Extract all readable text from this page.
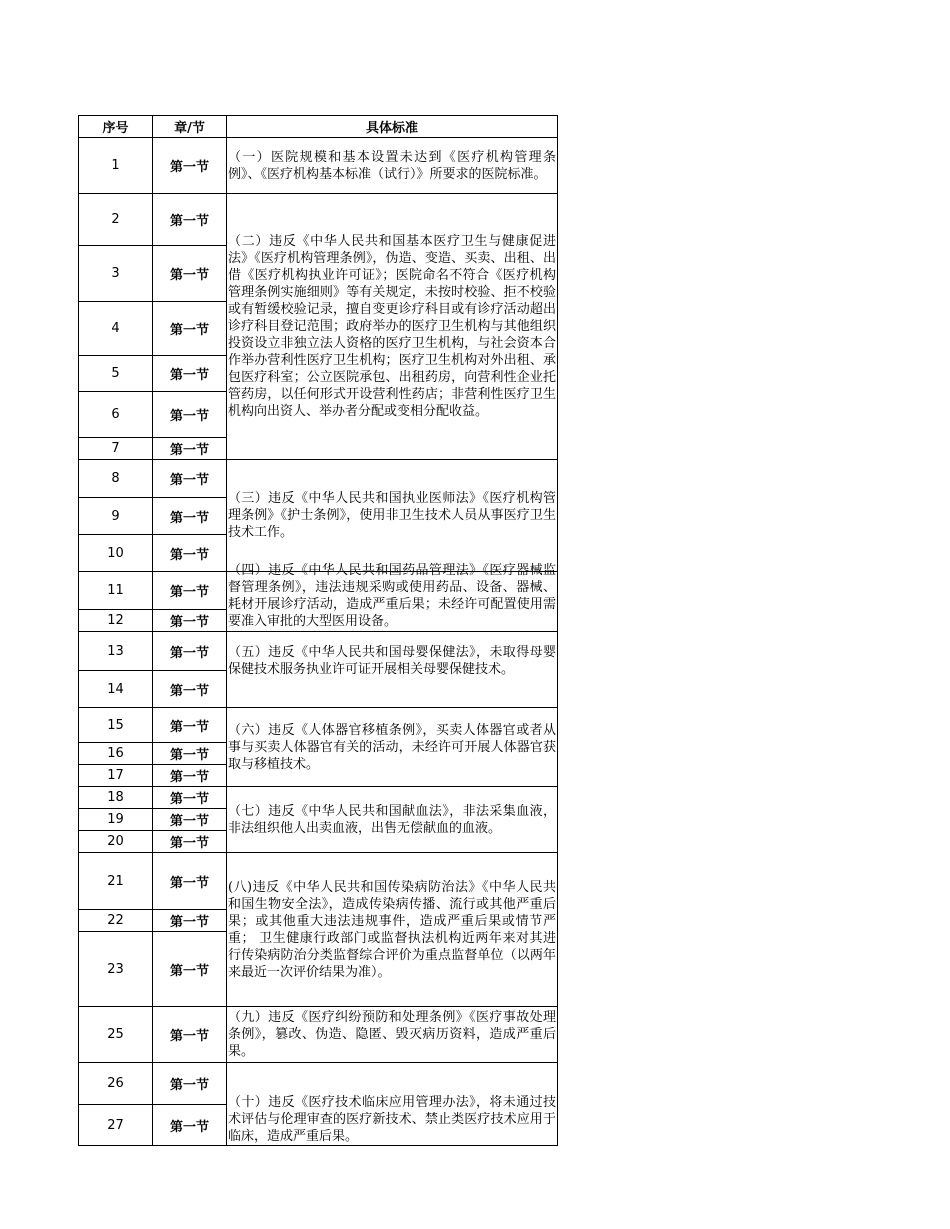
序号	章/节	具体标准
1	第一节	（一）医院规模和基本设置未达到《医疗机构管理条例》、《医疗机构基本标准（试行）》所要求的医院标准。

2	第一节	（二）违反《中华人民共和国基本医疗卫生与健康促进法》《医疗机构管理条例》，伪造、变造、买卖、出租、出借《医疗机构执业许可证》；医院命名不符合《医疗机构管理条例实施细则》等有关规定，未按时校验、拒不校验或有暂缓校验记录，擅自变更诊疗科目或有诊疗活动超出诊疗科目登记范围；政府举办的医疗卫生机构与其他组织投资设立非独立法人资格的医疗卫生机构，与社会资本合作举办营利性医疗卫生机构；医疗卫生机构对外出租、承包医疗科室；公立医院承包、出租药房，向营利性企业托管药房，以任何形式开设营利性药店；非营利性医疗卫生机构向出资人、举办者分配或变相分配收益。

3	第一节	
4	第一节	
5	第一节	
6	第一节	
7	第一节	
8	第一节	（三）违反《中华人民共和国执业医师法》《医疗机构管理条例》《护士条例》，使用非卫生技术人员从事医疗卫生技术工作。

9	第一节	
10	第一节	
11	第一节	（四）违反《中华人民共和国药品管理法》《医疗器械监督管理条例》，违法违规采购或使用药品、设备、器械、耗材开展诊疗活动，造成严重后果；未经许可配置使用需要准入审批的大型医用设备。

12	第一节	
13	第一节	（五）违反《中华人民共和国母婴保健法》，未取得母婴保健技术服务执业许可证开展相关母婴保健技术。

14	第一节	
15	第一节	（六）违反《人体器官移植条例》，买卖人体器官或者从事与买卖人体器官有关的活动，未经许可开展人体器官获取与移植技术。

16	第一节	
17	第一节	
18	第一节	（七）违反《中华人民共和国献血法》，非法采集血液，非法组织他人出卖血液，出售无偿献血的血液。

19	第一节	
20	第一节	
21	第一节	(八)违反《中华人民共和国传染病防治法》《中华人民共和国生物安全法》，造成传染病传播、流行或其他严重后果；或其他重大违法违规事件，造成严重后果或情节严重； 卫生健康行政部门或监督执法机构近两年来对其进行传染病防治分类监督综合评价为重点监督单位（以两年来最近一次评价结果为准）。

22	第一节	
23	第一节	
25	第一节	（九）违反《医疗纠纷预防和处理条例》《医疗事故处理条例》，篡改、伪造、隐匿、毁灭病历资料，造成严重后果。

26	第一节	（十）违反《医疗技术临床应用管理办法》，将未通过技术评估与伦理审查的医疗新技术、禁止类医疗技术应用于临床，造成严重后果。

27	第一节	
